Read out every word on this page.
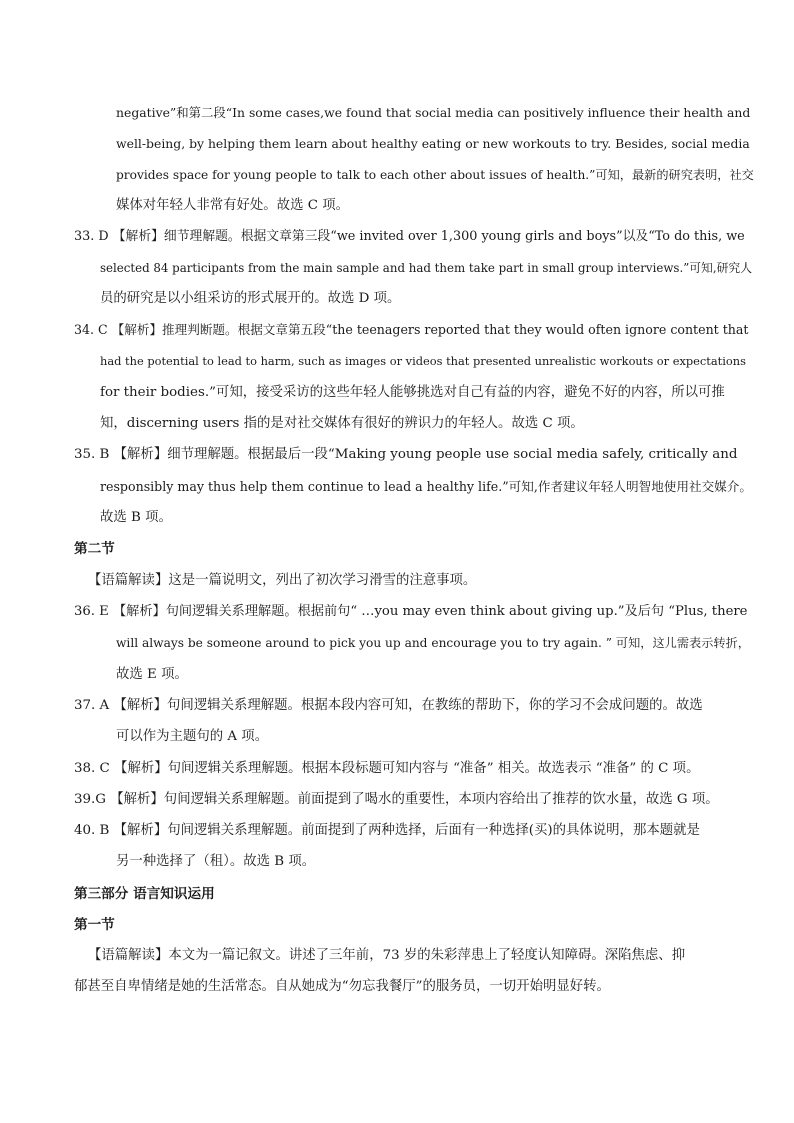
negative”和第二段“In some cases,we found that social media can positively influence their health and
well-being, by helping them learn about healthy eating or new workouts to try. Besides, social media
provides space for young people to talk to each other about issues of health.”可知，最新的研究表明，社交
媒体对年轻人非常有好处。故选 C 项。
33. D 【解析】细节理解题。根据文章第三段“we invited over 1,300 young girls and boys”以及“To do this, we
selected 84 participants from the main sample and had them take part in small group interviews.”可知,研究人
员的研究是以小组采访的形式展开的。故选 D 项。
34. C 【解析】推理判断题。根据文章第五段“the teenagers reported that they would often ignore content that
had the potential to lead to harm, such as images or videos that presented unrealistic workouts or expectations
for their bodies.”可知，接受采访的这些年轻人能够挑选对自己有益的内容，避免不好的内容，所以可推
知，discerning users 指的是对社交媒体有很好的辨识力的年轻人。故选 C 项。
35. B 【解析】细节理解题。根据最后一段“Making young people use social media safely, critically and
responsibly may thus help them continue to lead a healthy life.”可知,作者建议年轻人明智地使用社交媒介。
故选 B 项。
第二节
【语篇解读】这是一篇说明文，列出了初次学习滑雪的注意事项。
36. E 【解析】句间逻辑关系理解题。根据前句“ …you may even think about giving up.”及后句 “Plus, there
will always be someone around to pick you up and encourage you to try again. ” 可知，这儿需表示转折，
故选 E 项。
37. A 【解析】句间逻辑关系理解题。根据本段内容可知，在教练的帮助下，你的学习不会成问题的。故选
可以作为主题句的 A 项。
38. C 【解析】句间逻辑关系理解题。根据本段标题可知内容与 “准备” 相关。故选表示 “准备” 的 C 项。
39.G 【解析】句间逻辑关系理解题。前面提到了喝水的重要性，本项内容给出了推荐的饮水量，故选 G 项。
40. B 【解析】句间逻辑关系理解题。前面提到了两种选择，后面有一种选择(买)的具体说明，那本题就是
另一种选择了（租）。故选 B 项。
第三部分 语言知识运用
第一节
【语篇解读】本文为一篇记叙文。讲述了三年前，73 岁的朱彩萍患上了轻度认知障碍。深陷焦虑、抑
郁甚至自卑情绪是她的生活常态。自从她成为“勿忘我餐厅”的服务员，一切开始明显好转。
